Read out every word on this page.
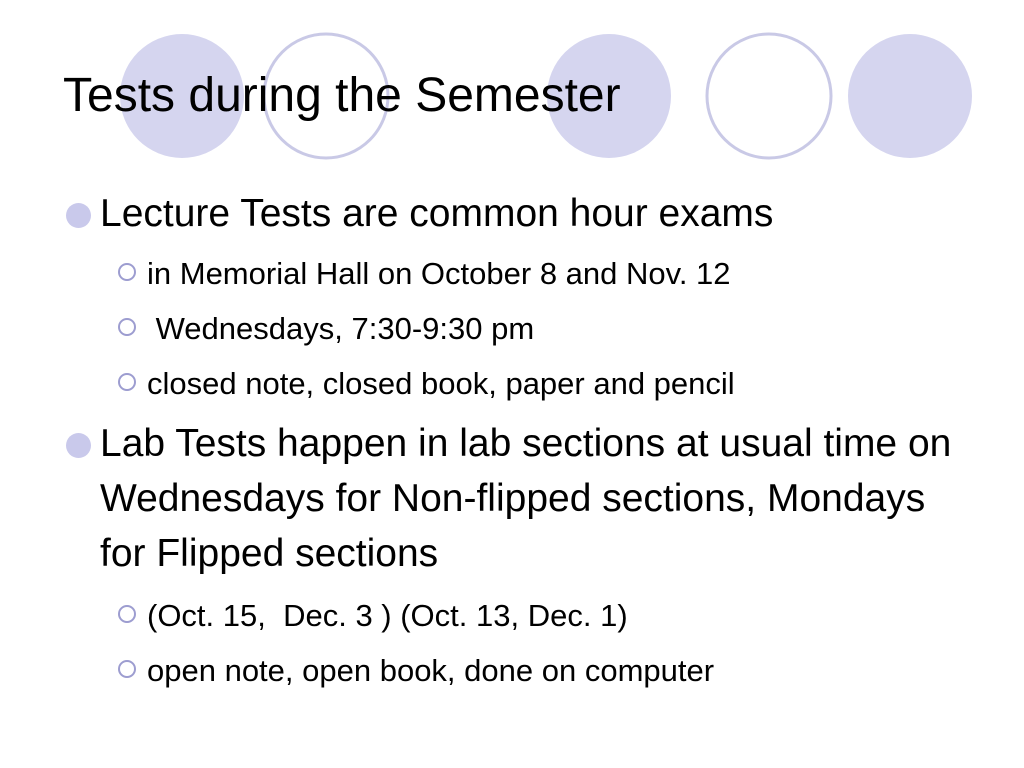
Tests during the Semester
Lecture Tests are common hour exams
in Memorial Hall on October 8 and Nov. 12
Wednesdays, 7:30-9:30 pm
closed note, closed book, paper and pencil
Lab Tests happen in lab sections at usual time on Wednesdays for Non-flipped sections, Mondays for Flipped sections
(Oct. 15,  Dec. 3 ) (Oct. 13, Dec. 1)
open note, open book, done on computer
